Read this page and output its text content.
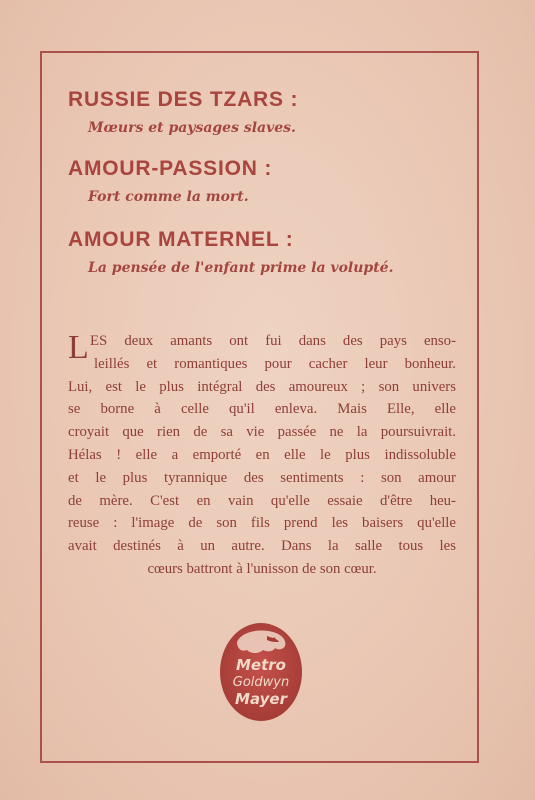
RUSSIE DES TZARS :
Mœurs et paysages slaves.
AMOUR-PASSION :
Fort comme la mort.
AMOUR MATERNEL :
La pensée de l'enfant prime la volupté.
L ES deux amants ont fui dans des pays enso-
leillés et romantiques pour cacher leur bonheur.
Lui, est le plus intégral des amoureux ; son univers
se borne à celle qu'il enleva. Mais Elle, elle
croyait que rien de sa vie passée ne la poursuivrait.
Hélas ! elle a emporté en elle le plus indissoluble
et le plus tyrannique des sentiments : son amour
de mère. C'est en vain qu'elle essaie d'être heu-
reuse : l'image de son fils prend les baisers qu'elle
avait destinés à un autre. Dans la salle tous les
cœurs battront à l'unisson de son cœur.
Metro
Goldwyn
Mayer
